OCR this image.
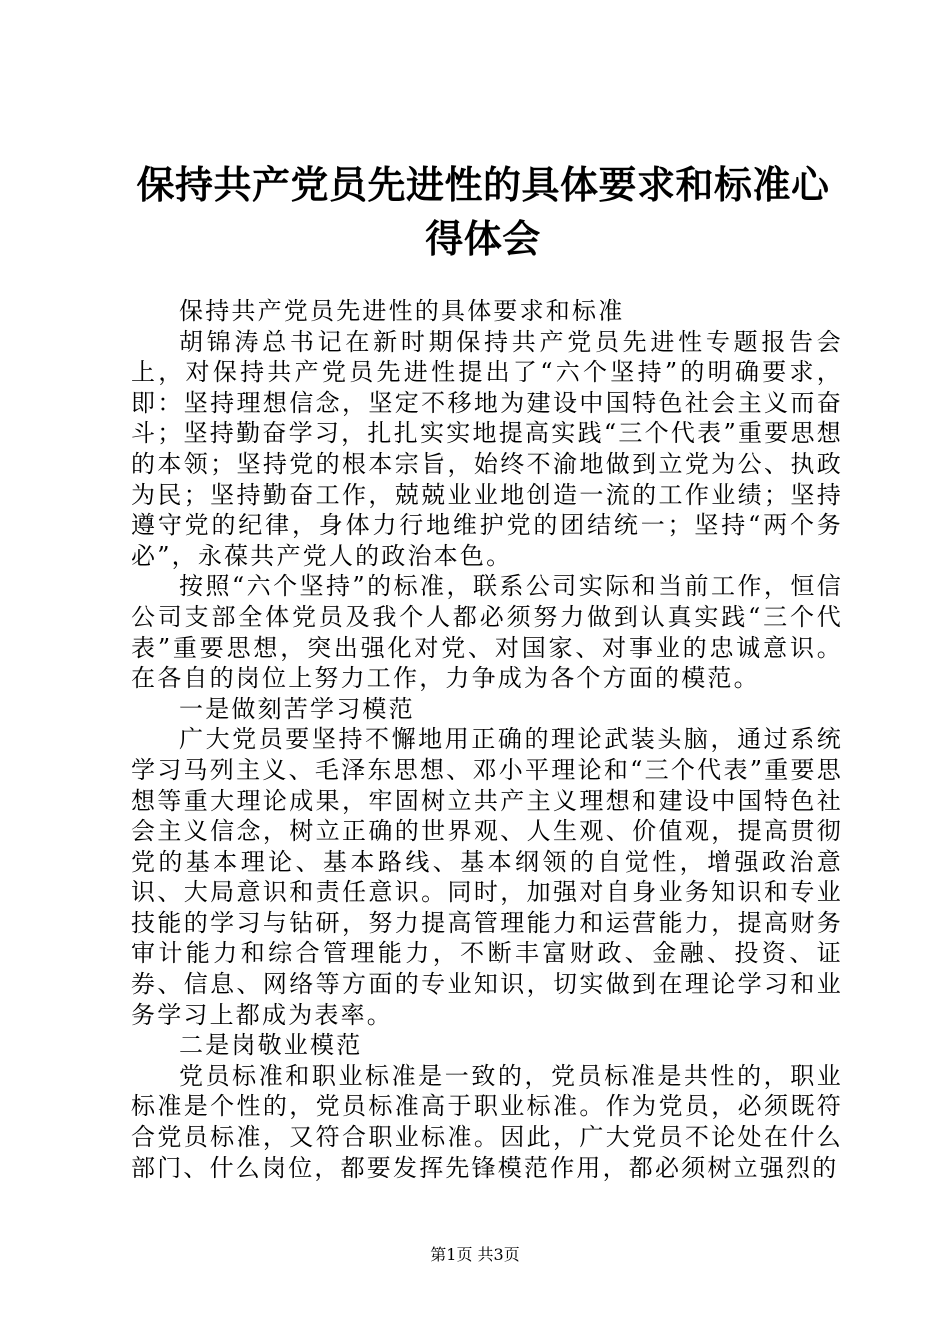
保持共产党员先进性的具体要求和标准心得体会

保持共产党员先进性的具体要求和标准

胡锦涛总书记在新时期保持共产党员先进性专题报告会上，对保持共产党员先进性提出了“六个坚持”的明确要求，即：坚持理想信念，坚定不移地为建设中国特色社会主义而奋斗；坚持勤奋学习，扎扎实实地提高实践“三个代表”重要思想的本领；坚持党的根本宗旨，始终不渝地做到立党为公、执政为民；坚持勤奋工作，兢兢业业地创造一流的工作业绩；坚持遵守党的纪律，身体力行地维护党的团结统一；坚持“两个务必”，永葆共产党人的政治本色。

按照“六个坚持”的标准，联系公司实际和当前工作，恒信公司支部全体党员及我个人都必须努力做到认真实践“三个代表”重要思想，突出强化对党、对国家、对事业的忠诚意识。在各自的岗位上努力工作，力争成为各个方面的模范。

一是做刻苦学习模范

广大党员要坚持不懈地用正确的理论武装头脑，通过系统学习马列主义、毛泽东思想、邓小平理论和“三个代表”重要思想等重大理论成果，牢固树立共产主义理想和建设中国特色社会主义信念，树立正确的世界观、人生观、价值观，提高贯彻党的基本理论、基本路线、基本纲领的自觉性，增强政治意识、大局意识和责任意识。同时，加强对自身业务知识和专业技能的学习与钻研，努力提高管理能力和运营能力，提高财务审计能力和综合管理能力，不断丰富财政、金融、投资、证券、信息、网络等方面的专业知识，切实做到在理论学习和业务学习上都成为表率。

二是岗敬业模范

党员标准和职业标准是一致的，党员标准是共性的，职业标准是个性的，党员标准高于职业标准。作为党员，必须既符合党员标准，又符合职业标准。因此，广大党员不论处在什么部门、什么岗位，都要发挥先锋模范作用，都必须树立强烈的

第1页 共3页
